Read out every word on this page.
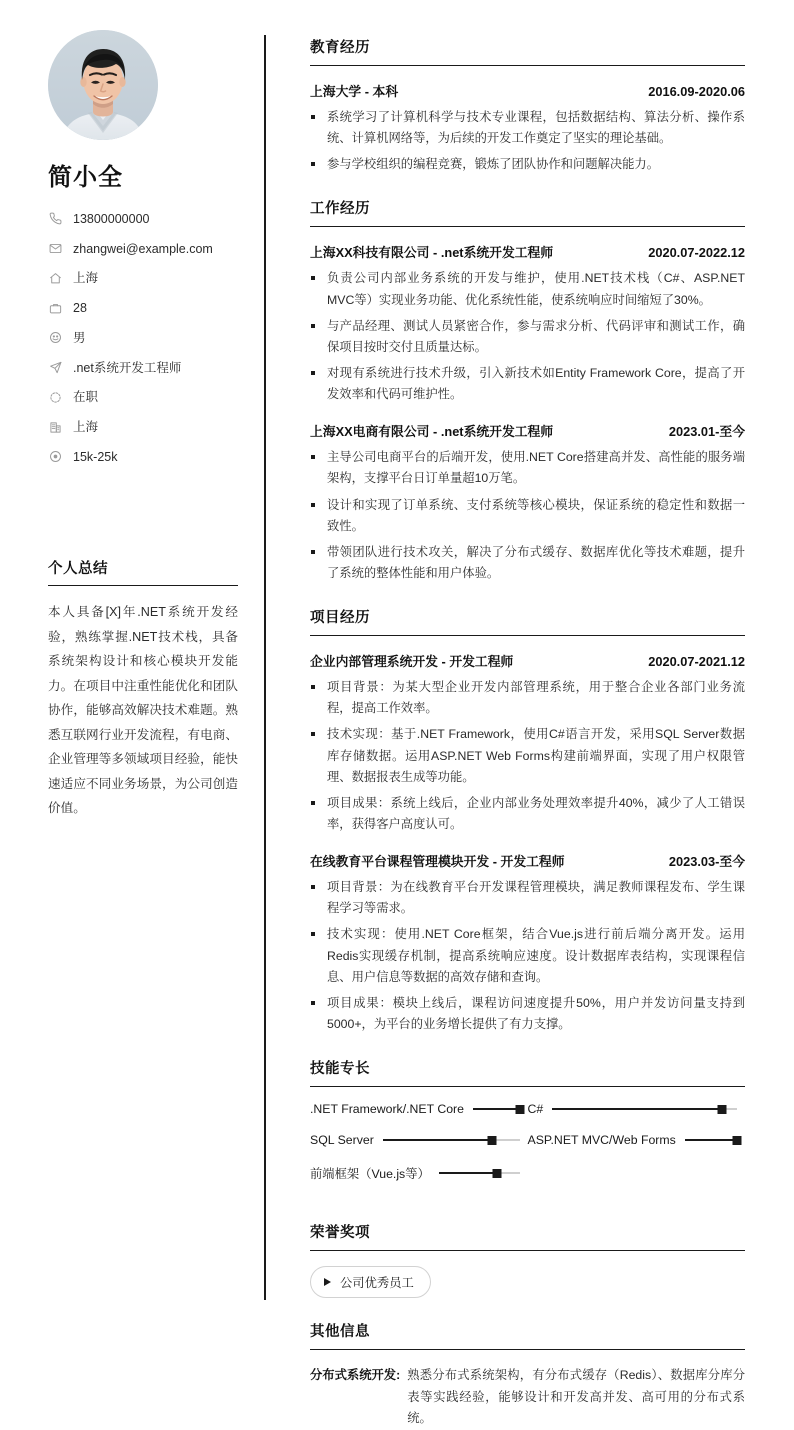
简小全
13800000000
zhangwei@example.com
上海
28
男
.net系统开发工程师
在职
上海
15k-25k
个人总结

本人具备[X]年.NET系统开发经验，熟练掌握.NET技术栈，具备系统架构设计和核心模块开发能力。在项目中注重性能优化和团队协作，能够高效解决技术难题。熟悉互联网行业开发流程，有电商、企业管理等多领域项目经验，能快速适应不同业务场景，为公司创造价值。

教育经历
上海大学 - 本科	2016.09-2020.06
系统学习了计算机科学与技术专业课程，包括数据结构、算法分析、操作系统、计算机网络等，为后续的开发工作奠定了坚实的理论基础。
参与学校组织的编程竞赛，锻炼了团队协作和问题解决能力。
工作经历
上海XX科技有限公司 - .net系统开发工程师	2020.07-2022.12
负责公司内部业务系统的开发与维护，使用.NET技术栈（C#、ASP.NET MVC等）实现业务功能、优化系统性能，使系统响应时间缩短了30%。
与产品经理、测试人员紧密合作，参与需求分析、代码评审和测试工作，确保项目按时交付且质量达标。
对现有系统进行技术升级，引入新技术如Entity Framework Core，提高了开发效率和代码可维护性。
上海XX电商有限公司 - .net系统开发工程师	2023.01-至今
主导公司电商平台的后端开发，使用.NET Core搭建高并发、高性能的服务端架构，支撑平台日订单量超10万笔。
设计和实现了订单系统、支付系统等核心模块，保证系统的稳定性和数据一致性。
带领团队进行技术攻关，解决了分布式缓存、数据库优化等技术难题，提升了系统的整体性能和用户体验。
项目经历
企业内部管理系统开发 - 开发工程师	2020.07-2021.12
项目背景：为某大型企业开发内部管理系统，用于整合企业各部门业务流程，提高工作效率。
技术实现：基于.NET Framework，使用C#语言开发，采用SQL Server数据库存储数据。运用ASP.NET Web Forms构建前端界面，实现了用户权限管理、数据报表生成等功能。
项目成果：系统上线后，企业内部业务处理效率提升40%，减少了人工错误率，获得客户高度认可。
在线教育平台课程管理模块开发 - 开发工程师	2023.03-至今
项目背景：为在线教育平台开发课程管理模块，满足教师课程发布、学生课程学习等需求。
技术实现：使用.NET Core框架，结合Vue.js进行前后端分离开发。运用Redis实现缓存机制，提高系统响应速度。设计数据库表结构，实现课程信息、用户信息等数据的高效存储和查询。
项目成果：模块上线后，课程访问速度提升50%，用户并发访问量支持到5000+，为平台的业务增长提供了有力支撑。
技能专长
.NET Framework/.NET Core	C#
SQL Server	ASP.NET MVC/Web Forms
前端框架（Vue.js等）
荣誉奖项
公司优秀员工
其他信息
分布式系统开发: 熟悉分布式系统架构，有分布式缓存（Redis）、数据库分库分表等实践经验，能够设计和开发高并发、高可用的分布式系统。
